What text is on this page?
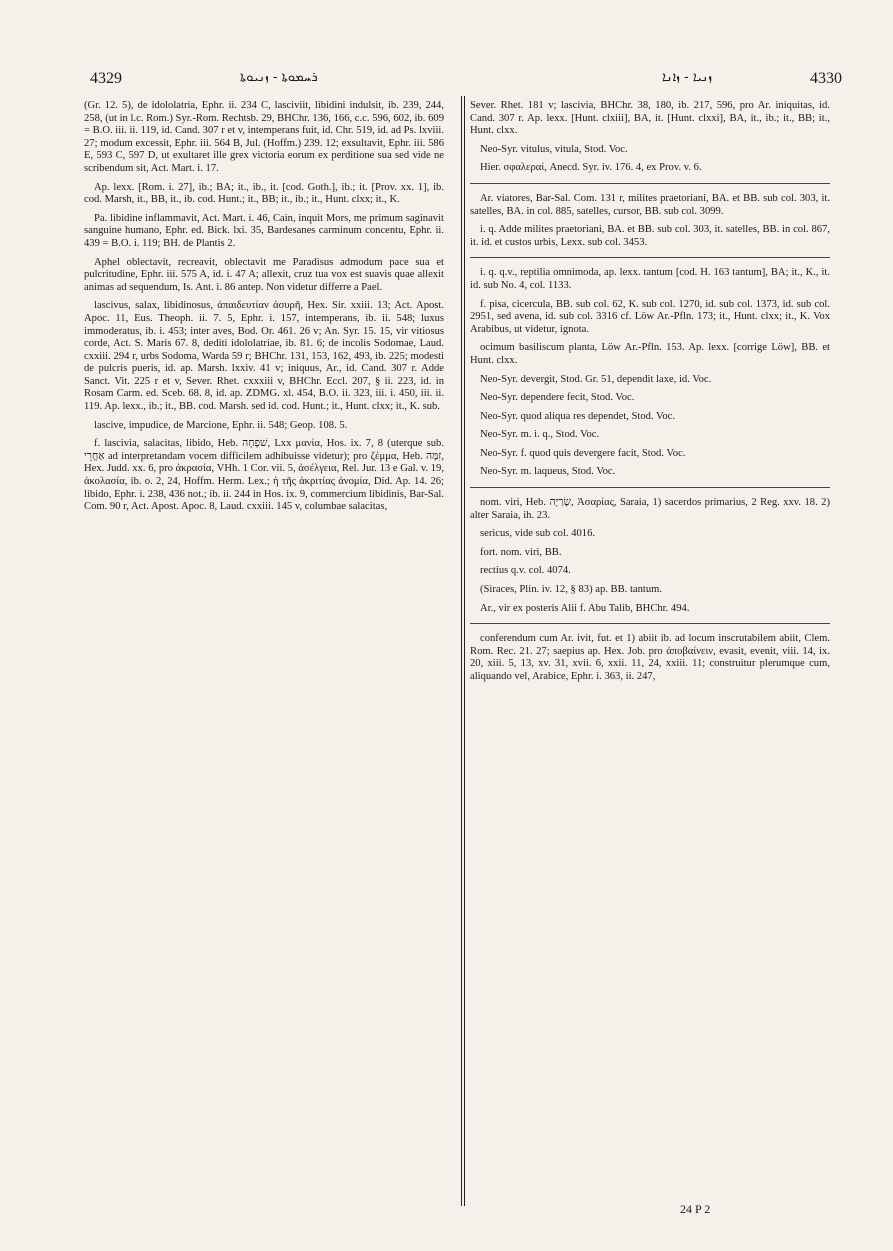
4329	ܪܚܡܘܬܐ - ܙܢܝܘܬܐ	ܙܢܝܐ - ܙܐܢܐ	4330

(Gr. 12. 5), de idololatria, Ephr. ii. 234 C, lasciviit, libidini indulsit, ib. 239, 244, 258, (ut in l.c. Rom.) Syr.-Rom. Rechtsb. 29, BHChr. 136, 166, c.c. 596, 602, ib. 609 = B.O. iii. ii. 119, id. Cand. 307 r et v, intemperans fuit, id. Chr. 519, id. ad Ps. lxviii. 27; modum excessit, Ephr. iii. 564 B, Jul. (Hoffm.) 239. 12; exsultavit, Ephr. iii. 586 E, 593 C, 597 D, ut exultaret ille grex victoria eorum ex perditione sua sed vide ne scribendum sit, Act. Mart. i. 17.

Ap. lexx. [Rom. i. 27], ib.; BA; it., ib., it. [cod. Goth.], ib.; it. [Prov. xx. 1], ib. cod. Marsh, it., BB, it., ib. cod. Hunt.; it., BB; it., ib.; it., Hunt. clxx; it., K.

Pa. libidine inflammavit, Act. Mart. i. 46, Cain, inquit Mors, me primum saginavit sanguine humano, Ephr. ed. Bick. lxi. 35, Bardesanes carminum concentu, Ephr. ii. 439 = B.O. i. 119; BH. de Plantis 2.

Aphel oblectavit, recreavit, oblectavit me Paradisus admodum pace sua et pulcritudine, Ephr. iii. 575 A, id. i. 47 A; allexit, cruz tua vox est suavis quae allexit animas ad sequendum, Is. Ant. i. 86 antep. Non videtur differre a Pael.

lascivus, salax, libidinosus, ἀπαιδευτίαν ἀσυρῆ, Hex. Sir. xxiii. 13; Act. Apost. Apoc. 11, Eus. Theoph. ii. 7. 5, Ephr. i. 157, intemperans, ib. ii. 548; luxus immoderatus, ib. i. 453; inter aves, Bod. Or. 461. 26 v; An. Syr. 15. 15, vir vitiosus corde, Act. S. Maris 67. 8, dediti idololatriae, ib. 81. 6; de incolis Sodomae, Laud. cxxiii. 294 r, urbs Sodoma, Warda 59 r; BHChr. 131, 153, 162, 493, ib. 225; modesti de pulcris pueris, id. ap. Marsh. lxxiv. 41 v; iniquus, Ar., id. Cand. 307 r. Adde Sanct. Vit. 225 r et v, Sever. Rhet. cxxxiii v, BHChr. Eccl. 207, § ii. 223, id. in Rosam Carm. ed. Sceb. 68. 8, id. ap. ZDMG. xl. 454, B.O. ii. 323, iii. i. 450, iii. ii. 119. Ap. lexx., ib.; it., BB. cod. Marsh. sed id. cod. Hunt.; it., Hunt. clxx; it., K. sub.

lascive, impudice, de Marcione, Ephr. ii. 548; Geop. 108. 5.

f. lascivia, salacitas, libido, Heb. שׁפְחָה, Lxx μανία, Hos. ix. 7, 8 (uterque sub. אַחֲרֵי ad interpretandam vocem difficilem adhibuisse videtur); pro ζέμμα, Heb. זִמָּה, Hex. Judd. xx. 6, pro ἀκρασία, VHh. 1 Cor. vii. 5, ἀσέλγεια, Rel. Jur. 13 e Gal. v. 19, ἀκολασία, ib. o. 2, 24, Hoffm. Herm. Lex.; ἡ τῆς ἀκριτίας ἀνομία, Did. Ap. 14. 26; libido, Ephr. i. 238, 436 not.; ib. ii. 244 in Hos. ix. 9, commercium libidinis, Bar-Sal. Com. 90 r, Act. Apost. Apoc. 8, Laud. cxxiii. 145 v, columbae salacitas,

Sever. Rhet. 181 v; lascivia, BHChr. 38, 180, ib. 217, 596, pro Ar. iniquitas, id. Cand. 307 r. Ap. lexx. [Hunt. clxiii], BA, it. [Hunt. clxxi], BA, it., ib.; it., BB; it., Hunt. clxx.

Neo-Syr. vitulus, vitula, Stod. Voc.

Hier. σφαλεραί, Anecd. Syr. iv. 176. 4, ex Prov. v. 6.

Ar. viatores, Bar-Sal. Com. 131 r, milites praetoriani, BA. et BB. sub col. 303, it. satelles, BA. in col. 885, satelles, cursor, BB. sub col. 3099.

i. q. Adde milites praetoriani, BA. et BB. sub col. 303, it. satelles, BB. in col. 867, it. id. et custos urbis, Lexx. sub col. 3453.

i. q. q.v., reptilia omnimoda, ap. lexx. tantum [cod. H. 163 tantum], BA; it., K., it. id. sub No. 4, col. 1133.

f. pisa, cicercula, BB. sub col. 62, K. sub col. 1270, id. sub col. 1373, id. sub col. 2951, sed avena, id. sub col. 3316 cf. Löw Ar.-Pfln. 173; it., Hunt. clxx; it., K. Vox Arabibus, ut videtur, ignota.

ocimum basiliscum planta, Löw Ar.-Pfln. 153. Ap. lexx. [corrige Löw], BB. et Hunt. clxx.

Neo-Syr. devergit, Stod. Gr. 51, dependit laxe, id. Voc.

Neo-Syr. dependere fecit, Stod. Voc.

Neo-Syr. quod aliqua res dependet, Stod. Voc.

Neo-Syr. m. i. q., Stod. Voc.

Neo-Syr. f. quod quis devergere facit, Stod. Voc.

Neo-Syr. m. laqueus, Stod. Voc.

nom. viri, Heb. שָׂרַיָה, Ἀσαρίας, Saraia, 1) sacerdos primarius, 2 Reg. xxv. 18. 2) alter Saraia, ih. 23.

sericus, vide sub col. 4016.

fort. nom. viri, BB.

rectius q.v. col. 4074.

(Siraces, Plin. iv. 12, § 83) ap. BB. tantum.

Ar., vir ex posteris Alii f. Abu Talib, BHChr. 494.

conferendum cum Ar. ivit, fut. et 1) abiit ib. ad locum inscrutabilem abiit, Clem. Rom. Rec. 21. 27; saepius ap. Hex. Job. pro ἀποβαίνειν, evasit, evenit, viii. 14, ix. 20, xiii. 5, 13, xv. 31, xvii. 6, xxii. 11, 24, xxiii. 11; construitur plerumque cum, aliquando vel, Arabice, Ephr. i. 363, ii. 247,

24 P 2
